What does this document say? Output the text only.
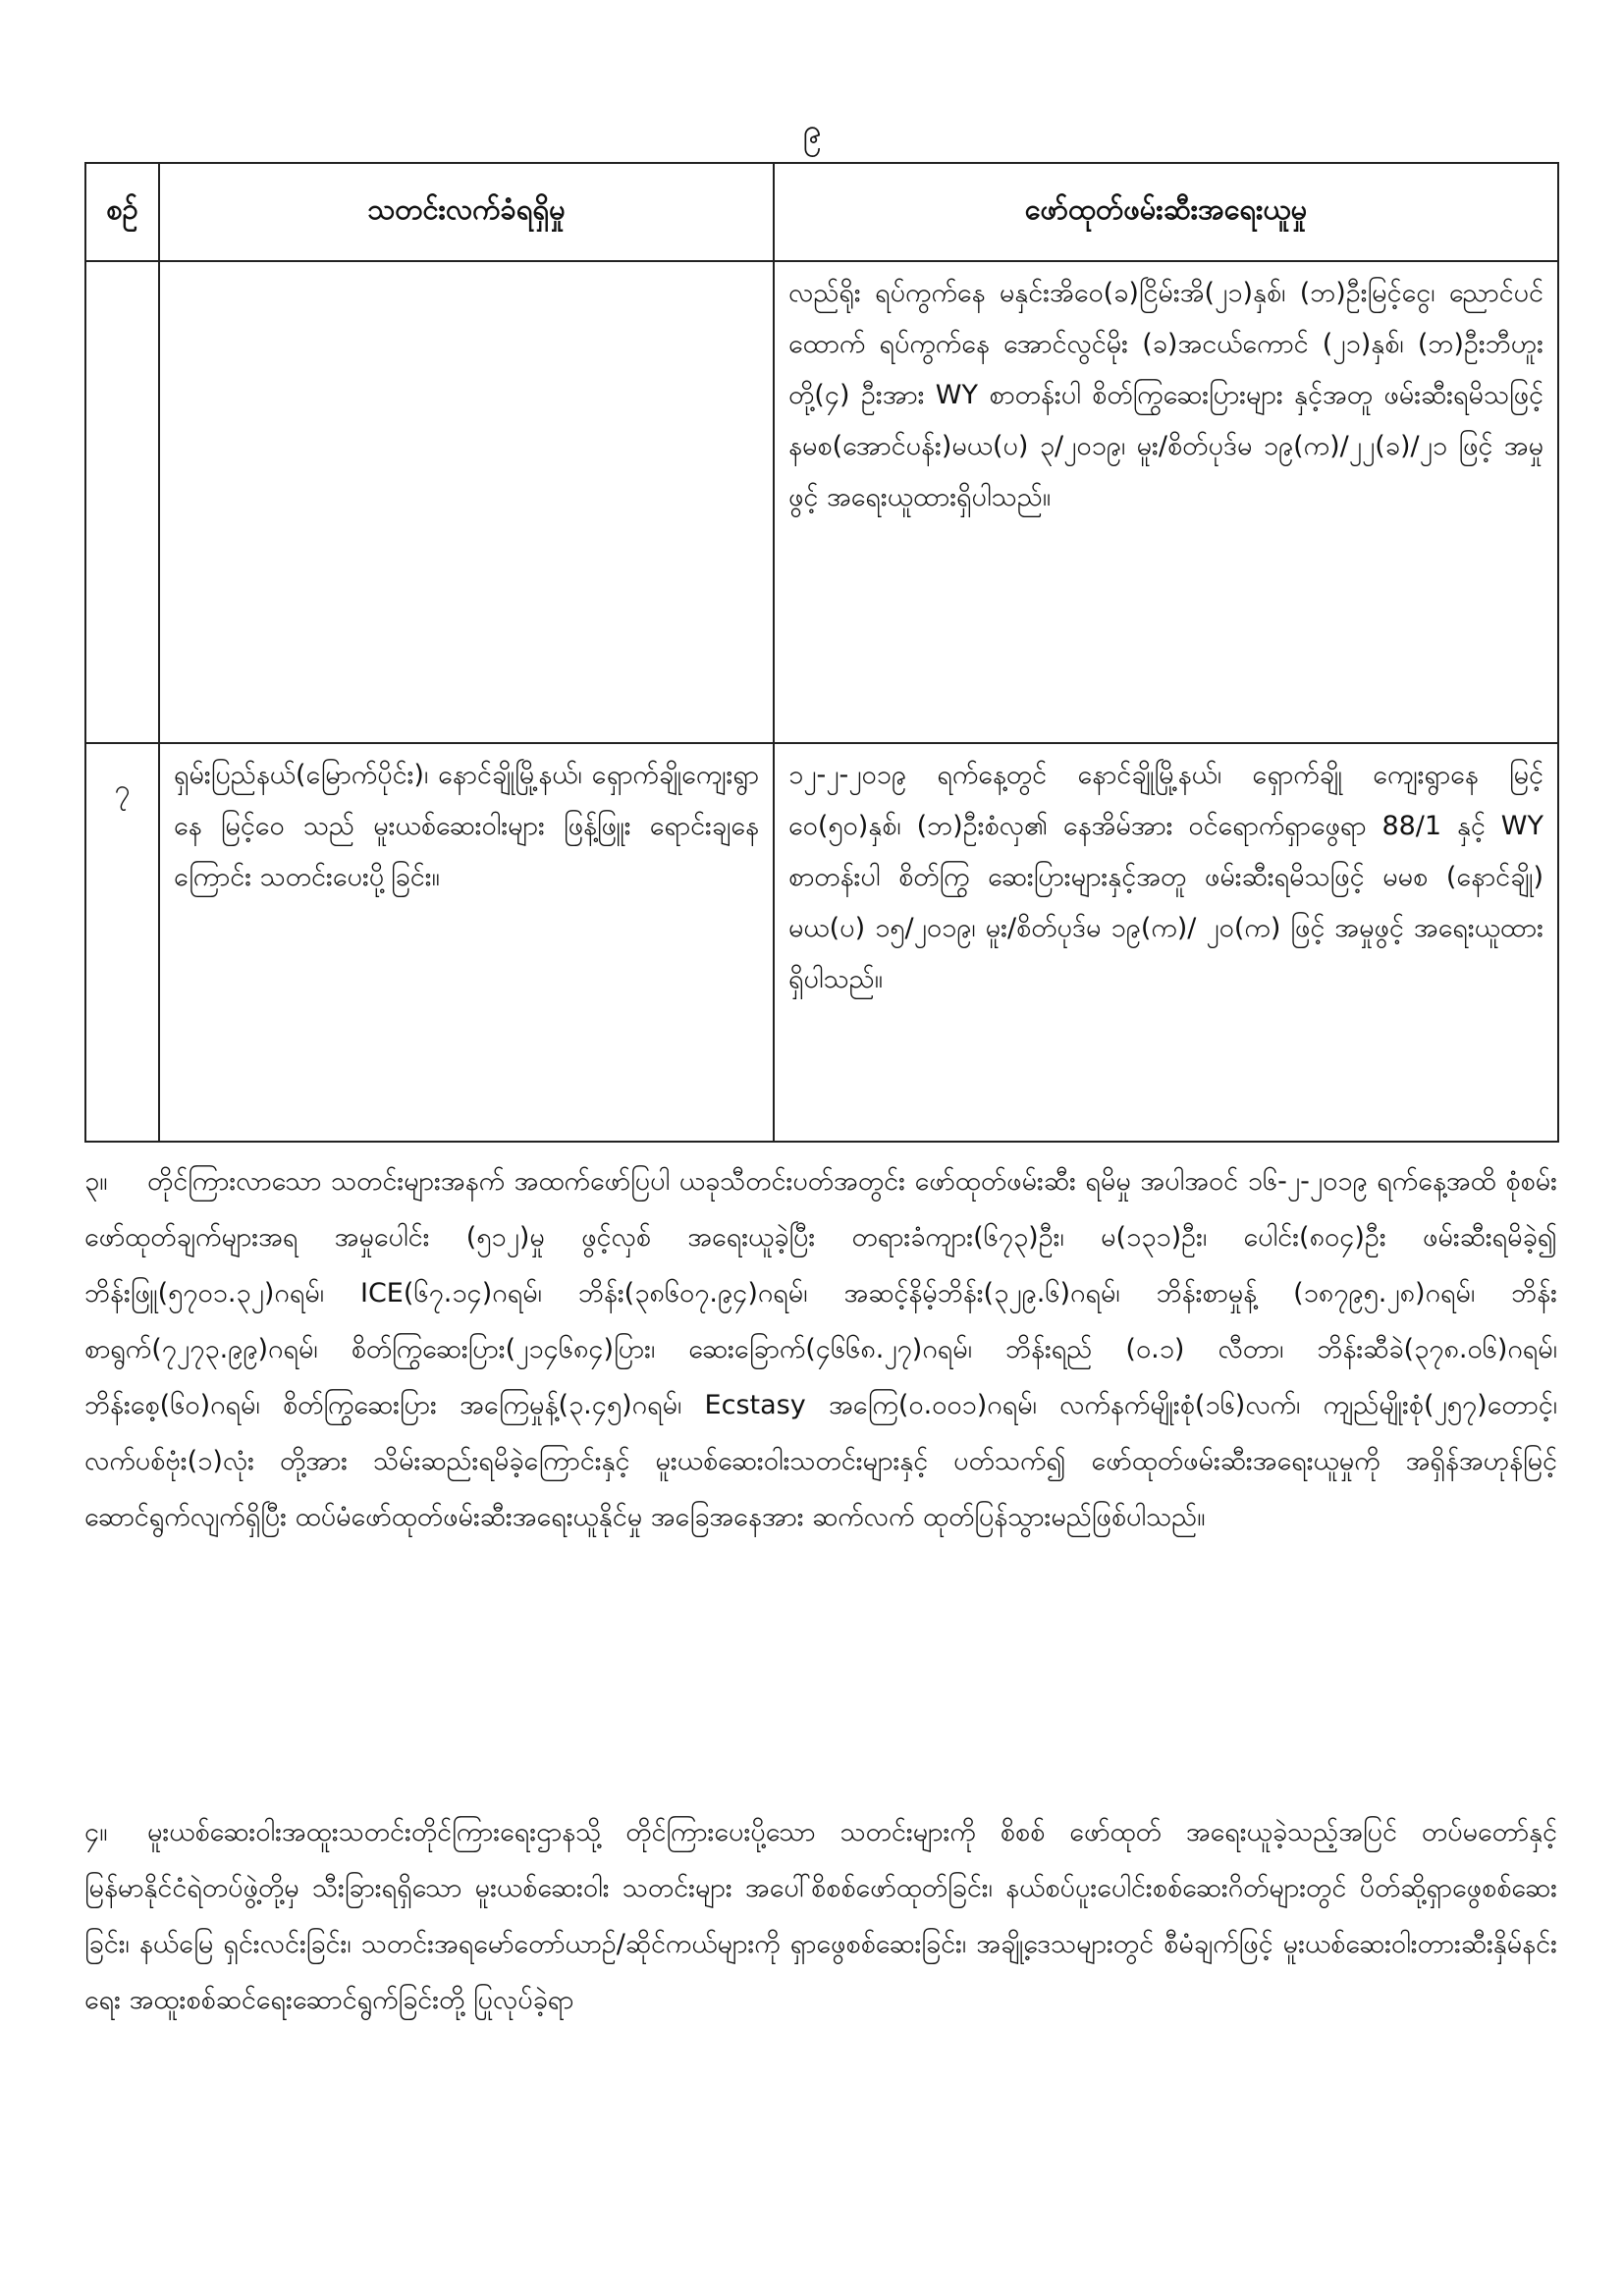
၉
စဉ်	သတင်းလက်ခံရရှိမှု	ဖော်ထုတ်ဖမ်းဆီးအရေးယူမှု
		လည်ရိုး ရပ်ကွက်နေ မနှင်းအိဝေ(ခ)ငြိမ်းအိ(၂၁)နှစ်၊ (ဘ)ဦးမြင့်ငွေ၊ ညောင်ပင်ထောက် ရပ်ကွက်နေ အောင်လွင်မိုး (ခ)အငယ်ကောင် (၂၁)နှစ်၊ (ဘ)ဦးဘီဟူး တို့(၄) ဦးအား WY စာတန်းပါ စိတ်ကြွဆေးပြားများ နှင့်အတူ ဖမ်းဆီးရမိသဖြင့် နမစ(အောင်ပန်း)မယ(ပ) ၃/၂၀၁၉၊ မူး/စိတ်ပုဒ်မ ၁၉(က)/၂၂(ခ)/၂၁ ဖြင့် အမှုဖွင့် အရေးယူထားရှိပါသည်။
၇	ရှမ်းပြည်နယ်(မြောက်ပိုင်း)၊ နောင်ချိုမြို့နယ်၊ ရှောက်ချိုကျေးရွာနေ မြင့်ဝေ သည် မူးယစ်ဆေးဝါးများ ဖြန့်ဖြူး ရောင်းချနေကြောင်း သတင်းပေးပို့ခြင်း။	၁၂-၂-၂၀၁၉ ရက်နေ့တွင် နောင်ချိုမြို့နယ်၊ ရှောက်ချို ကျေးရွာနေ မြင့်ဝေ(၅၀)နှစ်၊ (ဘ)ဦးစံလှ၏ နေအိမ်အား ဝင်ရောက်ရှာဖွေရာ 88/1 နှင့် WY စာတန်းပါ စိတ်ကြွ ဆေးပြားများနှင့်အတူ ဖမ်းဆီးရမိသဖြင့် မမစ (နောင်ချို) မယ(ပ) ၁၅/၂၀၁၉၊ မူး/စိတ်ပုဒ်မ ၁၉(က)/ ၂၀(က) ဖြင့် အမှုဖွင့် အရေးယူထားရှိပါသည်။

၃။ တိုင်ကြားလာသော သတင်းများအနက် အထက်ဖော်ပြပါ ယခုသီတင်းပတ်အတွင်း ဖော်ထုတ်ဖမ်းဆီး ရမိမှု အပါအဝင် ၁၆-၂-၂၀၁၉ ရက်နေ့အထိ စုံစမ်းဖော်ထုတ်ချက်များအရ အမှုပေါင်း (၅၁၂)မှု ဖွင့်လှစ် အရေးယူခဲ့ပြီး တရားခံကျား(၆၇၃)ဦး၊ မ(၁၃၁)ဦး၊ ပေါင်း(၈၀၄)ဦး ဖမ်းဆီးရမိခဲ့၍ ဘိန်းဖြူ(၅၇၀၁.၃၂)ဂရမ်၊ ICE(၆၇.၁၄)ဂရမ်၊ ဘိန်း(၃၈၆၀၇.၉၄)ဂရမ်၊ အဆင့်နိမ့်ဘိန်း(၃၂၉.၆)ဂရမ်၊ ဘိန်းစာမှုန့် (၁၈၇၉၅.၂၈)ဂရမ်၊ ဘိန်းစာရွက်(၇၂၇၃.၉၉)ဂရမ်၊ စိတ်ကြွဆေးပြား(၂၁၄၆၈၄)ပြား၊ ဆေးခြောက်(၄၆၆၈.၂၇)ဂရမ်၊ ဘိန်းရည် (၀.၁) လီတာ၊ ဘိန်းဆီခဲ(၃၇၈.၀၆)ဂရမ်၊ ဘိန်းစေ့(၆၀)ဂရမ်၊ စိတ်ကြွဆေးပြား အကြေမှုန့်(၃.၄၅)ဂရမ်၊ Ecstasy အကြေ(၀.၀၀၁)ဂရမ်၊ လက်နက်မျိုးစုံ(၁၆)လက်၊ ကျည်မျိုးစုံ(၂၅၇)တောင့်၊ လက်ပစ်ဗုံး(၁)လုံး တို့အား သိမ်းဆည်းရမိခဲ့ကြောင်းနှင့် မူးယစ်ဆေးဝါးသတင်းများနှင့် ပတ်သက်၍ ဖော်ထုတ်ဖမ်းဆီးအရေးယူမှုကို အရှိန်အဟုန်မြင့် ဆောင်ရွက်လျက်ရှိပြီး ထပ်မံဖော်ထုတ်ဖမ်းဆီးအရေးယူနိုင်မှု အခြေအနေအား ဆက်လက် ထုတ်ပြန်သွားမည်ဖြစ်ပါသည်။

၄။ မူးယစ်ဆေးဝါးအထူးသတင်းတိုင်ကြားရေးဌာနသို့ တိုင်ကြားပေးပို့သော သတင်းများကို စိစစ် ဖော်ထုတ် အရေးယူခဲ့သည့်အပြင် တပ်မတော်နှင့် မြန်မာနိုင်ငံရဲတပ်ဖွဲ့တို့မှ သီးခြားရရှိသော မူးယစ်ဆေးဝါး သတင်းများ အပေါ်စိစစ်ဖော်ထုတ်ခြင်း၊ နယ်စပ်ပူးပေါင်းစစ်ဆေးဂိတ်များတွင် ပိတ်ဆို့ရှာဖွေစစ်ဆေးခြင်း၊ နယ်မြေ ရှင်းလင်းခြင်း၊ သတင်းအရမော်တော်ယာဉ်/ဆိုင်ကယ်များကို ရှာဖွေစစ်ဆေးခြင်း၊ အချို့ဒေသများတွင် စီမံချက်ဖြင့် မူးယစ်ဆေးဝါးတားဆီးနှိမ်နင်းရေး အထူးစစ်ဆင်ရေးဆောင်ရွက်ခြင်းတို့ ပြုလုပ်ခဲ့ရာ
